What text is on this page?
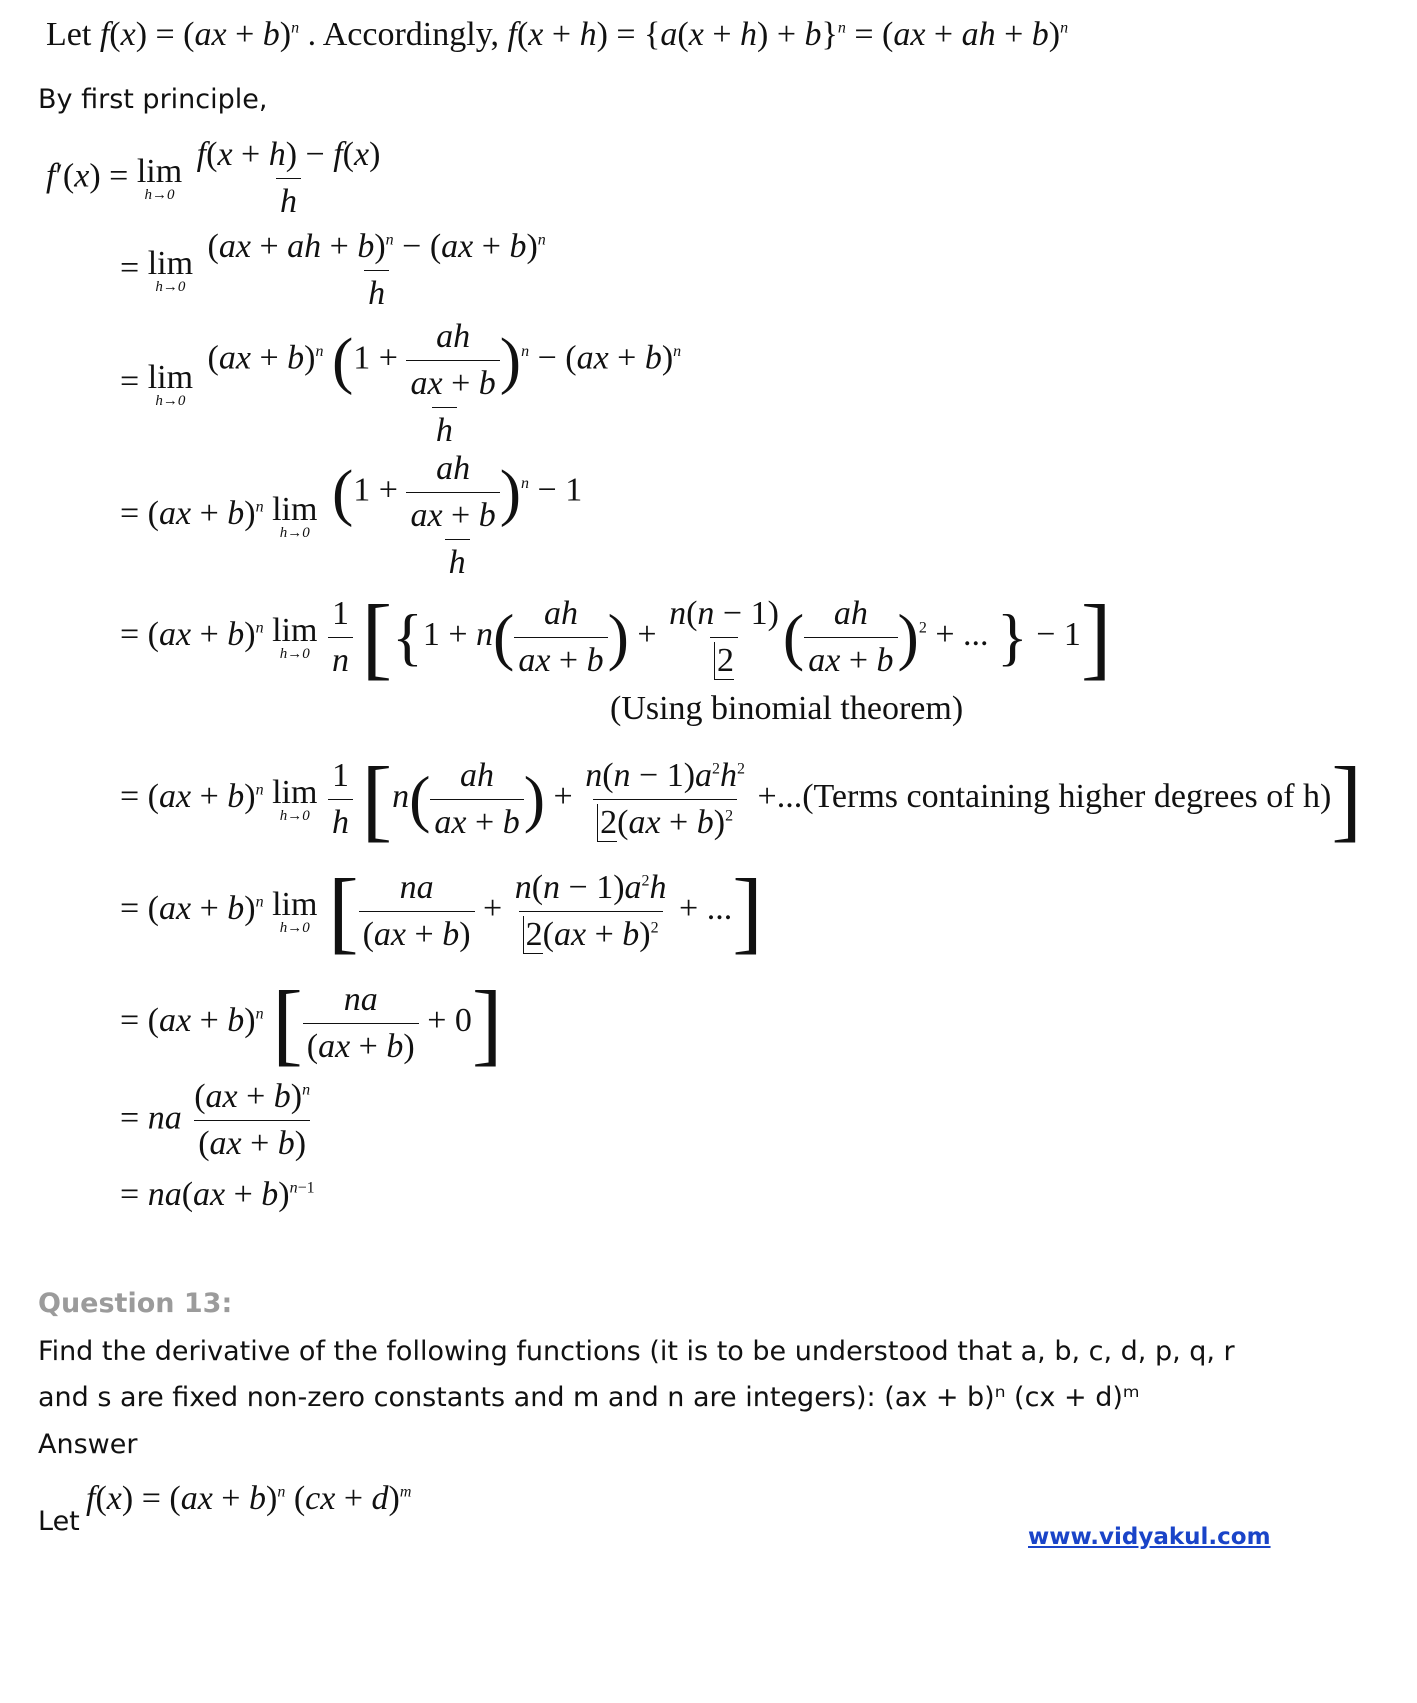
Let f(x) = (ax + b)$^n$ . Accordingly, $f(x + h) = \{a(x + h) + b\}^n = (ax$ + ah + b)$^n$
By first principle,
f′(x) = lim
h→0
$\frac{f(x + h) - f(x)}{h}$
= lim
h→0
$\frac{(ax + ah + b)^n - (ax + b)^n}{h}$
= lim
h→0
$\frac{(ax + b)^n (1 + \frac{ah}{ax + b} )^n - (ax + b)^n}{h}$
= (ax + b)$^n$ lim
h→0
$\frac{(1 + \frac{ah}{ax + b} )^n - 1}{h}$
= (ax + b)$^n$ lim
h→0
$\frac{1}{n} [\{1 + n( \frac{ah}{ax + b}$ ) + $\frac{n(n - 1)}{2}$ ( $\frac{ah}{ax + b} )^2$ + ... } − 1]
(Using binomial theorem)
= (ax + b)$^n$ lim
h→0
$\frac{1}{h} [n( \frac{ah}{ax + b}$ ) + $\frac{n(n - 1)a^2h^2}{2(ax + b)^2}$ +...(Terms containing higher degrees of h)]
= (ax + b)$^n$ lim
h→0 [ $\frac{na}{(ax + b)} + \frac{n(n - 1)a^2h}{2(ax + b)^2}$ + ...]
= (ax + b)$^n$ [ $\frac{na}{(ax + b)} + 0$]
= na $\frac{(ax + b)^n}{(ax + b)}$
= na(ax + b)$^{n-1}$
Question 13:
Find the derivative of the following functions (it is to be understood that a, b, c, d, p, q, r
and s are fixed non-zero constants and m and n are integers): (ax + b)ⁿ (cx + d)ᵐ
Answer
Let
f(x) = (ax + b)$^n$ (cx + d)$^m$
www.vidyakul.com
